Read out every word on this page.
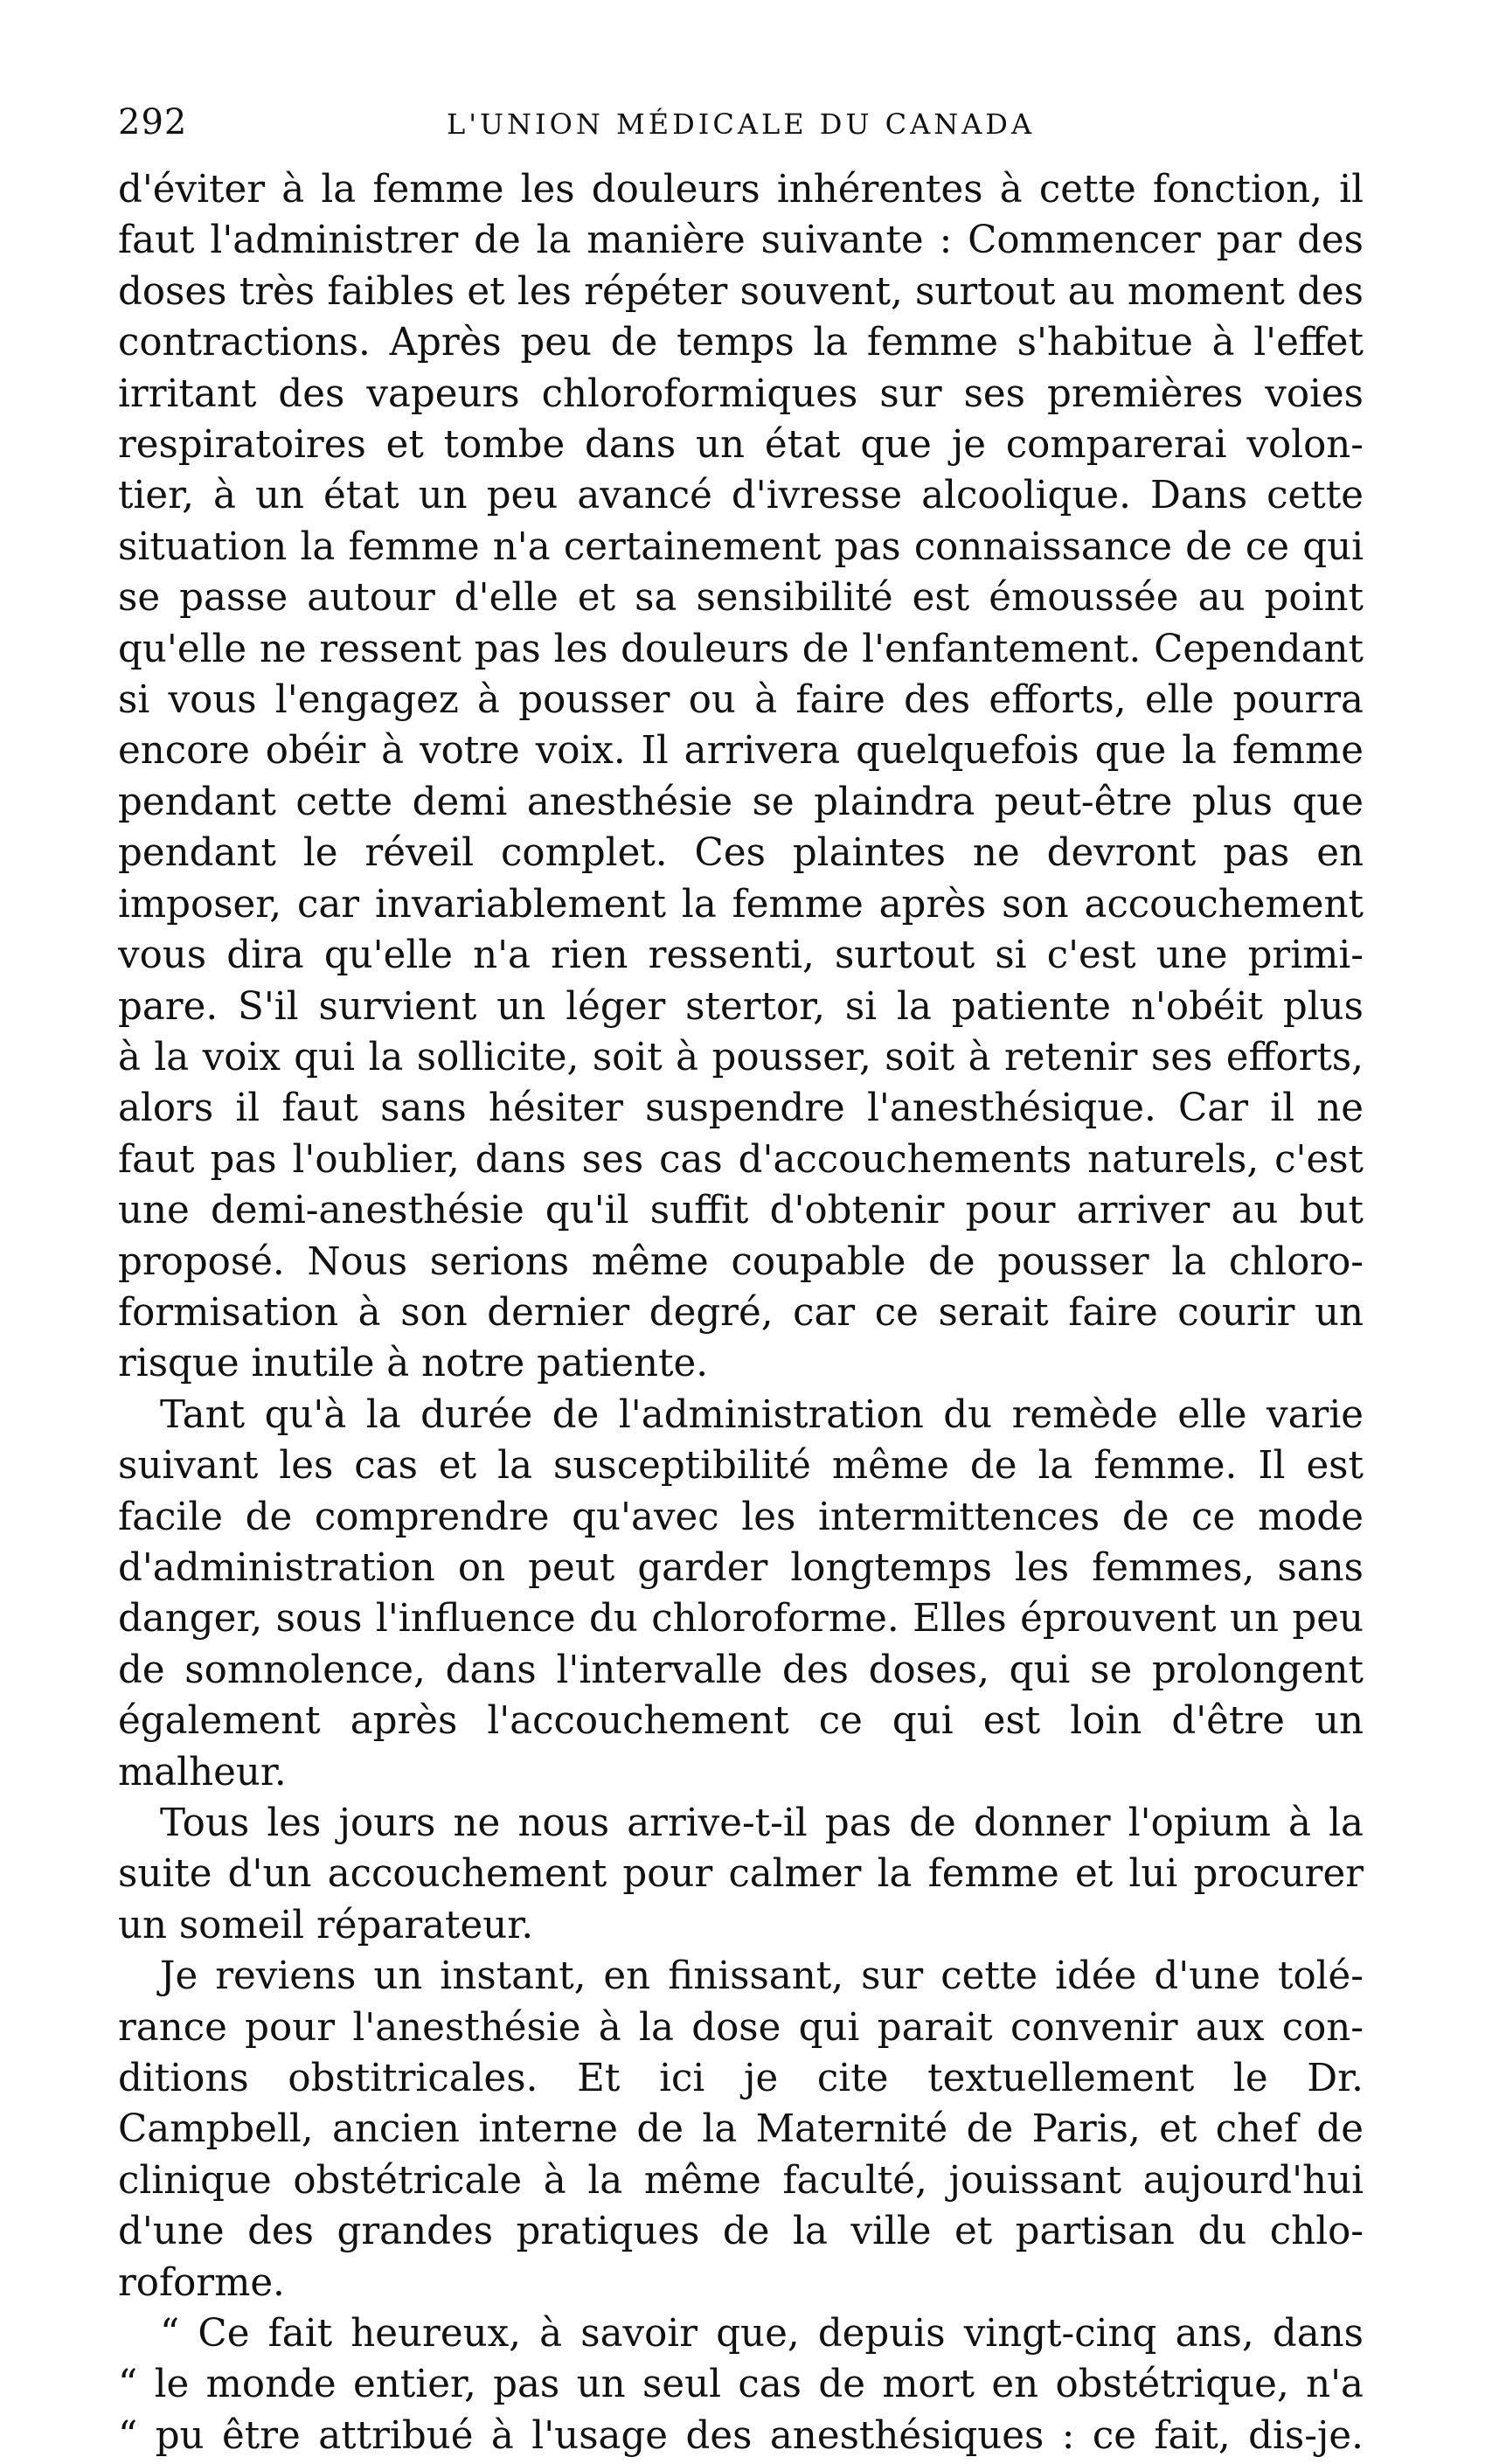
292	L'UNION MÉDICALE DU CANADA

d'éviter à la femme les douleurs inhérentes à cette fonction, il
faut l'administrer de la manière suivante : Commencer par des
doses très faibles et les répéter souvent, surtout au moment des
contractions. Après peu de temps la femme s'habitue à l'effet
irritant des vapeurs chloroformiques sur ses premières voies
respiratoires et tombe dans un état que je comparerai volon-
tier, à un état un peu avancé d'ivresse alcoolique. Dans cette
situation la femme n'a certainement pas connaissance de ce qui
se passe autour d'elle et sa sensibilité est émoussée au point
qu'elle ne ressent pas les douleurs de l'enfantement. Cependant
si vous l'engagez à pousser ou à faire des efforts, elle pourra
encore obéir à votre voix. Il arrivera quelquefois que la femme
pendant cette demi anesthésie se plaindra peut-être plus que
pendant le réveil complet. Ces plaintes ne devront pas en
imposer, car invariablement la femme après son accouchement
vous dira qu'elle n'a rien ressenti, surtout si c'est une primi-
pare. S'il survient un léger stertor, si la patiente n'obéit plus
à la voix qui la sollicite, soit à pousser, soit à retenir ses efforts,
alors il faut sans hésiter suspendre l'anesthésique. Car il ne
faut pas l'oublier, dans ses cas d'accouchements naturels, c'est
une demi-anesthésie qu'il suffit d'obtenir pour arriver au but
proposé. Nous serions même coupable de pousser la chloro-
formisation à son dernier degré, car ce serait faire courir un
risque inutile à notre patiente.

Tant qu'à la durée de l'administration du remède elle varie
suivant les cas et la susceptibilité même de la femme. Il est
facile de comprendre qu'avec les intermittences de ce mode
d'administration on peut garder longtemps les femmes, sans
danger, sous l'influence du chloroforme. Elles éprouvent un peu
de somnolence, dans l'intervalle des doses, qui se prolongent
également après l'accouchement ce qui est loin d'être un
malheur.

Tous les jours ne nous arrive-t-il pas de donner l'opium à la
suite d'un accouchement pour calmer la femme et lui procurer
un someil réparateur.

Je reviens un instant, en finissant, sur cette idée d'une tolé-
rance pour l'anesthésie à la dose qui parait convenir aux con-
ditions obstitricales. Et ici je cite textuellement le Dr.
Campbell, ancien interne de la Maternité de Paris, et chef de
clinique obstétricale à la même faculté, jouissant aujourd'hui
d'une des grandes pratiques de la ville et partisan du chlo-
roforme.

“ Ce fait heureux, à savoir que, depuis vingt-cinq ans, dans
“ le monde entier, pas un seul cas de mort en obstétrique, n'a
“ pu être attribué à l'usage des anesthésiques : ce fait, dis-je.
